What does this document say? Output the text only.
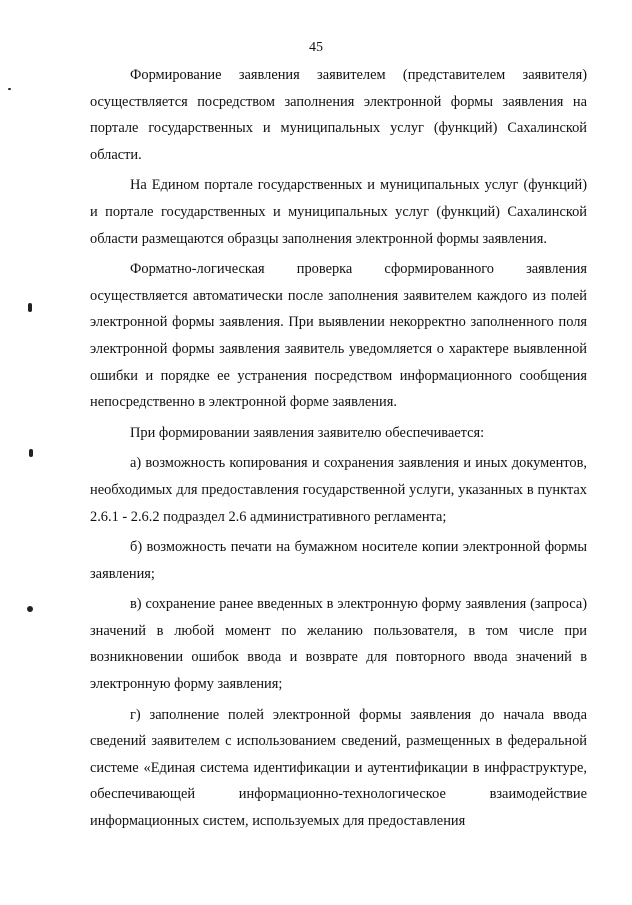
45

Формирование заявления заявителем (представителем заявителя) осуществляется посредством заполнения электронной формы заявления на портале государственных и муниципальных услуг (функций) Сахалинской области.

На Едином портале государственных и муниципальных услуг (функций) и портале государственных и муниципальных услуг (функций) Сахалинской области размещаются образцы заполнения электронной формы заявления.

Форматно-логическая проверка сформированного заявления осуществляется автоматически после заполнения заявителем каждого из полей электронной формы заявления. При выявлении некорректно заполненного поля электронной формы заявления заявитель уведомляется о характере выявленной ошибки и порядке ее устранения посредством информационного сообщения непосредственно в электронной форме заявления.

При формировании заявления заявителю обеспечивается:

а) возможность копирования и сохранения заявления и иных документов, необходимых для предоставления государственной услуги, указанных в пунктах 2.6.1 - 2.6.2 подраздел 2.6 административного регламента;

б) возможность печати на бумажном носителе копии электронной формы заявления;

в) сохранение ранее введенных в электронную форму заявления (запроса) значений в любой момент по желанию пользователя, в том числе при возникновении ошибок ввода и возврате для повторного ввода значений в электронную форму заявления;

г) заполнение полей электронной формы заявления до начала ввода сведений заявителем с использованием сведений, размещенных в федеральной системе «Единая система идентификации и аутентификации в инфраструктуре, обеспечивающей информационно-технологическое взаимодействие информационных систем, используемых для предоставления
